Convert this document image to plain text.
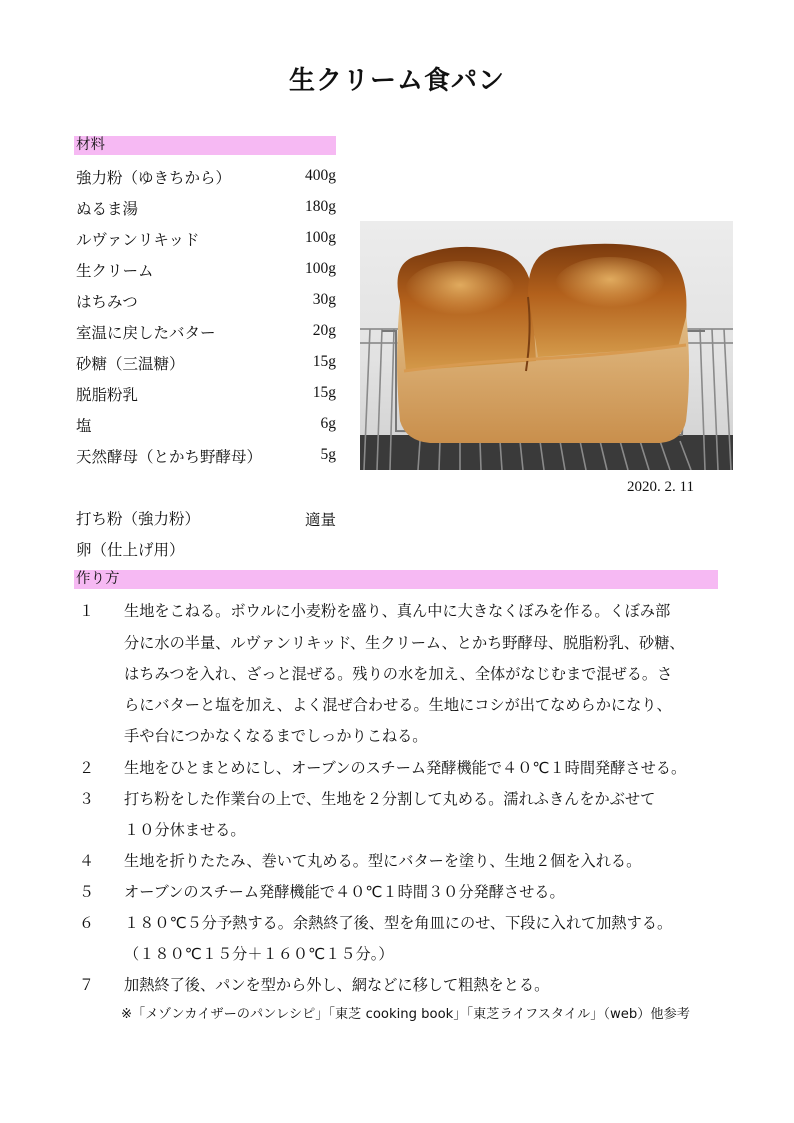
生クリーム食パン
材料
強力粉（ゆきちから）	400g
ぬるま湯	180g
ルヴァンリキッド	100g
生クリーム	100g
はちみつ	30g
室温に戻したバター	20g
砂糖（三温糖）	15g
脱脂粉乳	15g
塩	6g
天然酵母（とかち野酵母）	5g
打ち粉（強力粉）	適量
卵（仕上げ用）
2020. 2. 11
作り方
１ 生地をこねる。ボウルに小麦粉を盛り、真ん中に大きなくぼみを作る。くぼみ部
分に水の半量、ルヴァンリキッド、生クリーム、とかち野酵母、脱脂粉乳、砂糖、
はちみつを入れ、ざっと混ぜる。残りの水を加え、全体がなじむまで混ぜる。さ
らにバターと塩を加え、よく混ぜ合わせる。生地にコシが出てなめらかになり、
手や台につかなくなるまでしっかりこねる。
２ 生地をひとまとめにし、オーブンのスチーム発酵機能で４０℃１時間発酵させる。
３ 打ち粉をした作業台の上で、生地を２分割して丸める。濡れふきんをかぶせて
１０分休ませる。
４ 生地を折りたたみ、巻いて丸める。型にバターを塗り、生地２個を入れる。
５ オーブンのスチーム発酵機能で４０℃１時間３０分発酵させる。
６ １８０℃５分予熱する。余熱終了後、型を角皿にのせ、下段に入れて加熱する。
（１８０℃１５分＋１６０℃１５分。）
７ 加熱終了後、パンを型から外し、網などに移して粗熱をとる。
※「メゾンカイザーのパンレシピ」「東芝 cooking book」「東芝ライフスタイル」（web）他参考
